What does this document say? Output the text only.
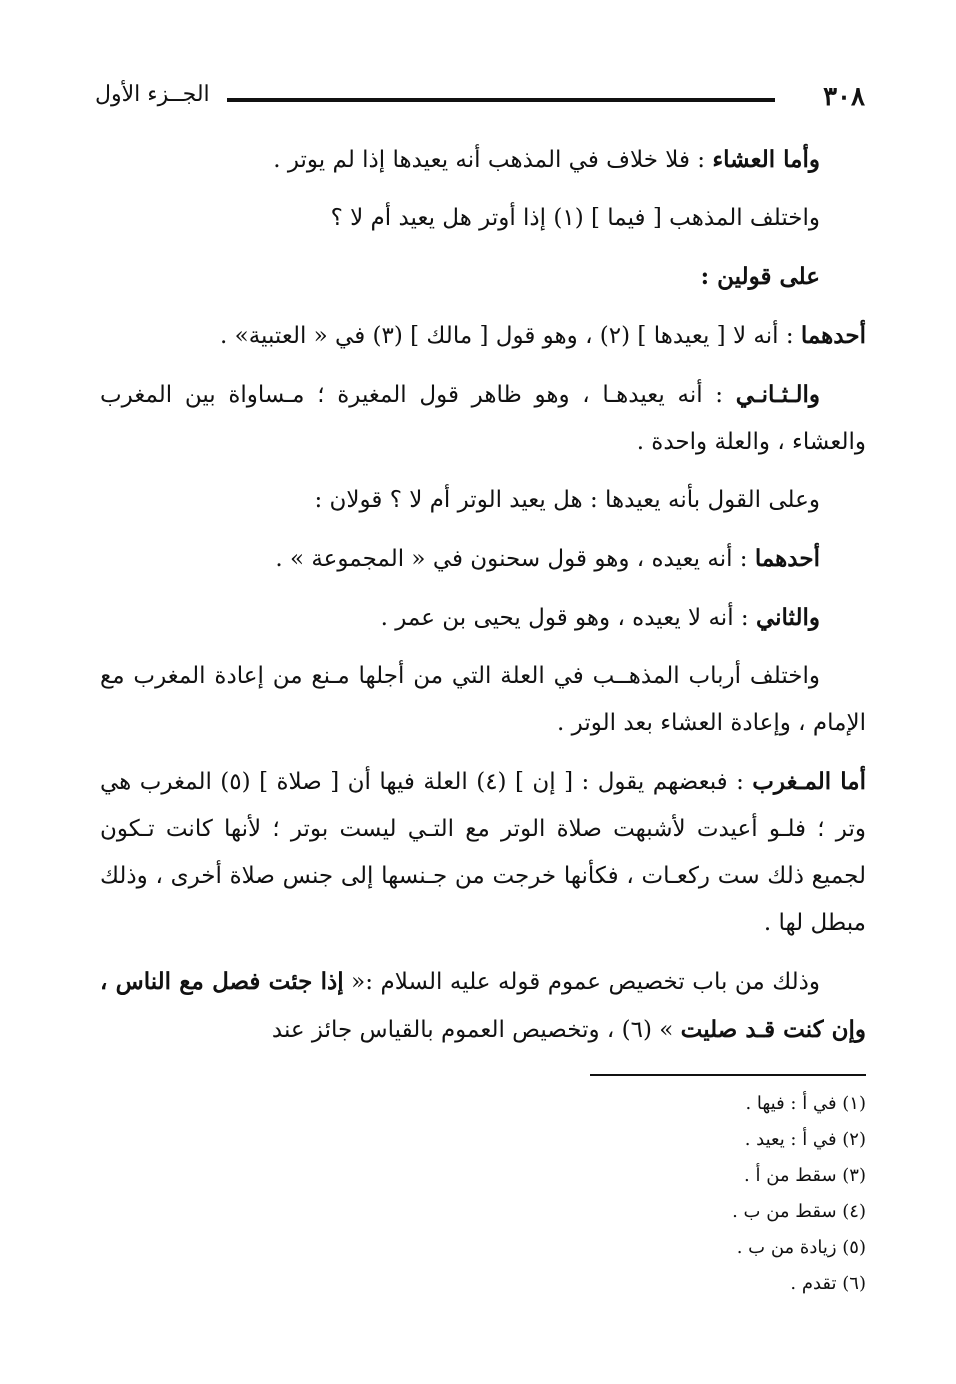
٣٠٨
الجــزء الأول

وأما العشاء : فلا خلاف في المذهب أنه يعيدها إذا لم يوتر .

واختلف المذهب [ فيما ] (١) إذا أوتر هل يعيد أم لا ؟

على قولين :

أحدهما : أنه لا [ يعيدها ] (٢) ، وهو قول [ مالك ] (٣) في « العتبية» .

والـثـانـي : أنه يعيدهـا ، وهو ظاهر قول المغيرة ؛ مـساواة بين المغرب والعشاء ، والعلة واحدة .

وعلى القول بأنه يعيدها : هل يعيد الوتر أم لا ؟ قولان :

أحدهما : أنه يعيده ، وهو قول سحنون في « المجموعة » .

والثاني : أنه لا يعيده ، وهو قول يحيى بن عمر .

واختلف أرباب المذهــب في العلة التي من أجلها مـنع من إعادة المغرب مع الإمام ، وإعادة العشاء بعد الوتر .

أما المـغرب : فبعضهم يقول : [ إن ] (٤) العلة فيها أن [ صلاة ] (٥) المغرب هي وتر ؛ فلـو أعيدت لأشبهت صلاة الوتر مع التـي ليست بوتر ؛ لأنها كانت تـكون لجميع ذلك ست ركعـات ، فكأنها خرجت من جـنسها إلى جنس صلاة أخرى ، وذلك مبطل لها .

وذلك من باب تخصيص عموم قوله عليه السلام :« إذا جئت فصل مع الناس ، وإن كنت قـد صليت » (٦) ، وتخصيص العموم بالقياس جائز عند

(١) في أ : فيها .

(٢) في أ : يعيد .

(٣) سقط من أ .

(٤) سقط من ب .

(٥) زيادة من ب .

(٦) تقدم .
